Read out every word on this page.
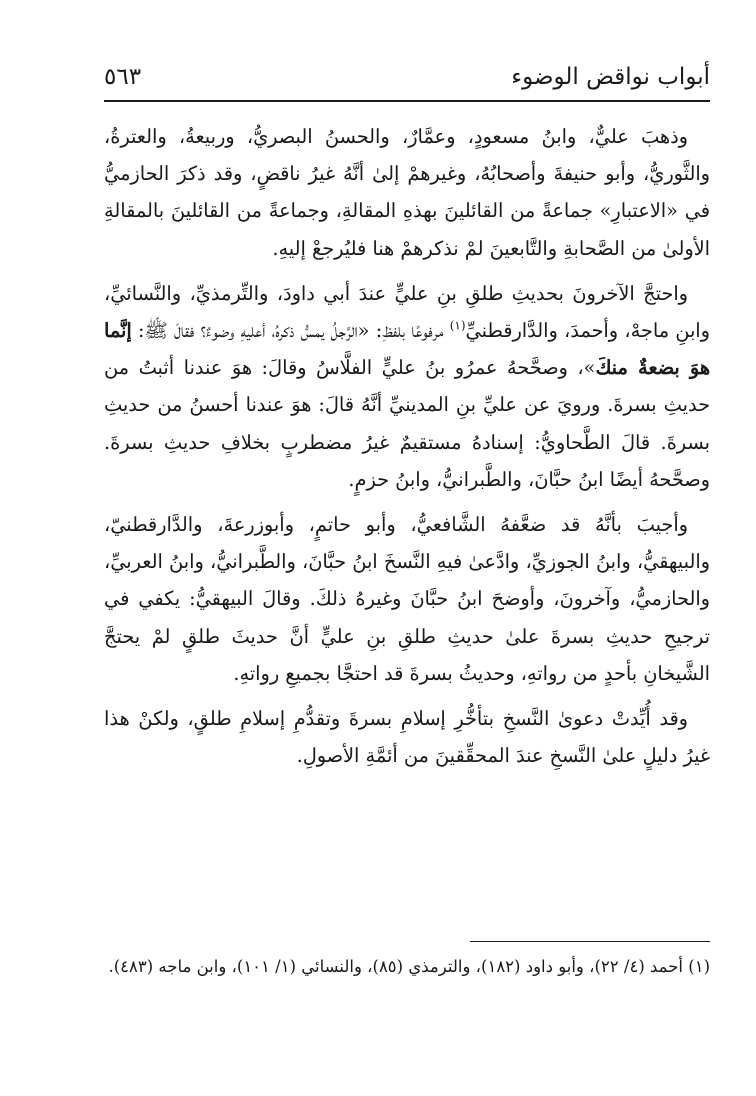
أبواب نواقض الوضوء
٥٦٣

وذهبَ عليٌّ، وابنُ مسعودٍ، وعمَّارٌ، والحسنُ البصريُّ، وربيعةُ، والعترةُ، والثَّوريُّ، وأبو حنيفةَ وأصحابُهُ، وغيرهمْ إلىٰ أنَّهُ غيرُ ناقضٍ، وقد ذكرَ الحازميُّ في «الاعتبارِ» جماعةً من القائلينَ بهذهِ المقالةِ، وجماعةً من القائلينَ بالمقالةِ الأولىٰ من الصَّحابةِ والتَّابعينَ لمْ نذكرهمْ هنا فليُرجعْ إليهِ.

واحتجَّ الآخرونَ بحديثِ طلقِ بنِ عليٍّ عندَ أبي داودَ، والتِّرمذيِّ، والنَّسائيِّ، وابنِ ماجهْ، وأحمدَ، والدَّارقطنيِّ$^{(١)}$ مرفوعًا بلفظِ: «الرَّجلُ يمسُّ ذكرهُ، أعليهِ وضوءٌ؟ فقالَ ﷺ: إنَّما هوَ بضعةٌ منكَ»، وصحَّحهُ عمرُو بنُ عليٍّ الفلَّاسُ وقالَ: هوَ عندنا أثبتُ من حديثِ بسرةَ. ورويَ عن عليِّ بنِ المدينيِّ أنَّهُ قالَ: هوَ عندنا أحسنُ من حديثِ بسرةَ. قالَ الطَّحاويُّ: إسنادهُ مستقيمٌ غيرُ مضطربٍ بخلافِ حديثِ بسرةَ. وصحَّحهُ أيضًا ابنُ حبَّانَ، والطَّبرانيُّ، وابنُ حزمٍ.

وأجيبَ بأنَّهُ قد ضعَّفهُ الشَّافعيُّ، وأبو حاتمٍ، وأبوزرعةَ، والدَّارقطنيّ، والبيهقيُّ، وابنُ الجوزيِّ، وادَّعىٰ فيهِ النَّسخَ ابنُ حبَّانَ، والطَّبرانيُّ، وابنُ العربيِّ، والحازميُّ، وآخرونَ، وأوضحَ ابنُ حبَّانَ وغيرهُ ذلكَ. وقالَ البيهقيُّ: يكفي في ترجيحِ حديثِ بسرةَ علىٰ حديثِ طلقِ بنِ عليٍّ أنَّ حديثَ طلقٍ لمْ يحتجَّ الشَّيخانِ بأحدٍ من رواتهِ، وحديثُ بسرةَ قد احتجَّا بجميعِ رواتهِ.

وقد أُيِّدتْ دعوىٰ النَّسخِ بتأخُّرِ إسلامِ بسرةَ وتقدُّمِ إسلامِ طلقٍ، ولكنْ هذا غيرُ دليلٍ علىٰ النَّسخِ عندَ المحقِّقينَ من أئمَّةِ الأصولِ.

(١) أحمد (٤/ ٢٢)، وأبو داود (١٨٢)، والترمذي (٨٥)، والنسائي (١/ ١٠١)، وابن ماجه (٤٨٣).
